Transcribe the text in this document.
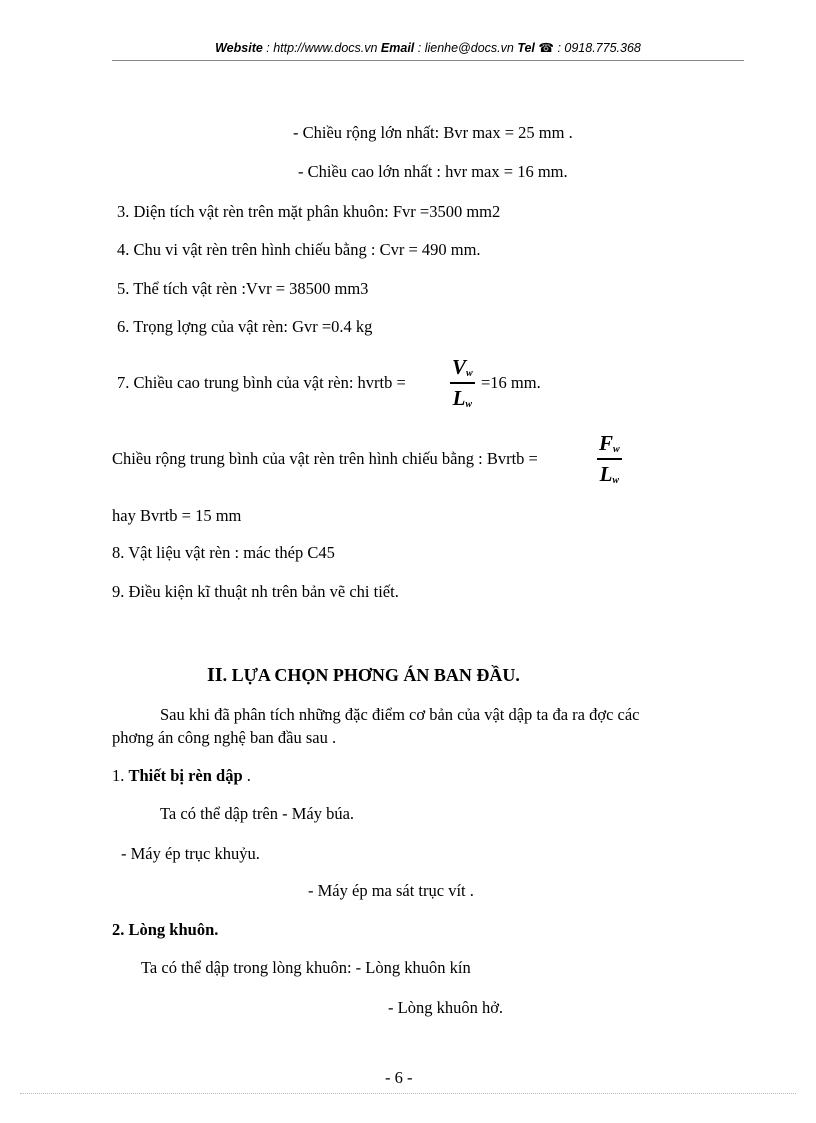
Website : http://www.docs.vn Email : lienhe@docs.vn Tel ☎ : 0918.775.368
- Chiều rộng lớn nhất: Bvr max = 25 mm .
- Chiều cao lớn nhất : hvr max = 16 mm.
3. Diện tích vật rèn trên mặt phân khuôn: Fvr =3500 mm2
4. Chu vi vật rèn trên hình chiếu bằng : Cvr = 490 mm.
5. Thể tích vật rèn :Vvr = 38500 mm3
6. Trọng lợng của vật rèn: Gvr =0.4 kg
7. Chiều cao trung bình của vật rèn: hvrtb =
$V_w$
$L_w$
=16 mm.
Chiều rộng trung bình của vật rèn trên hình chiếu bằng : Bvrtb =
$F_w$
$L_w$
hay Bvrtb = 15 mm
8. Vật liệu vật rèn : mác thép C45
9. Điều kiện kĩ thuật nh trên bản vẽ chi tiết.
II. LỰA CHỌN PHƠNG ÁN BAN ĐẦU.
Sau khi đã phân tích những đặc điểm cơ bản của vật dập ta đa ra đợc các
phơng án công nghệ ban đầu sau .
1. Thiết bị rèn dập .
Ta có thể dập trên - Máy búa.
- Máy ép trục khuỷu.
- Máy ép ma sát trục vít .
2. Lòng khuôn.
Ta có thể dập trong lòng khuôn: - Lòng khuôn kín
- Lòng khuôn hở.
- 6 -
